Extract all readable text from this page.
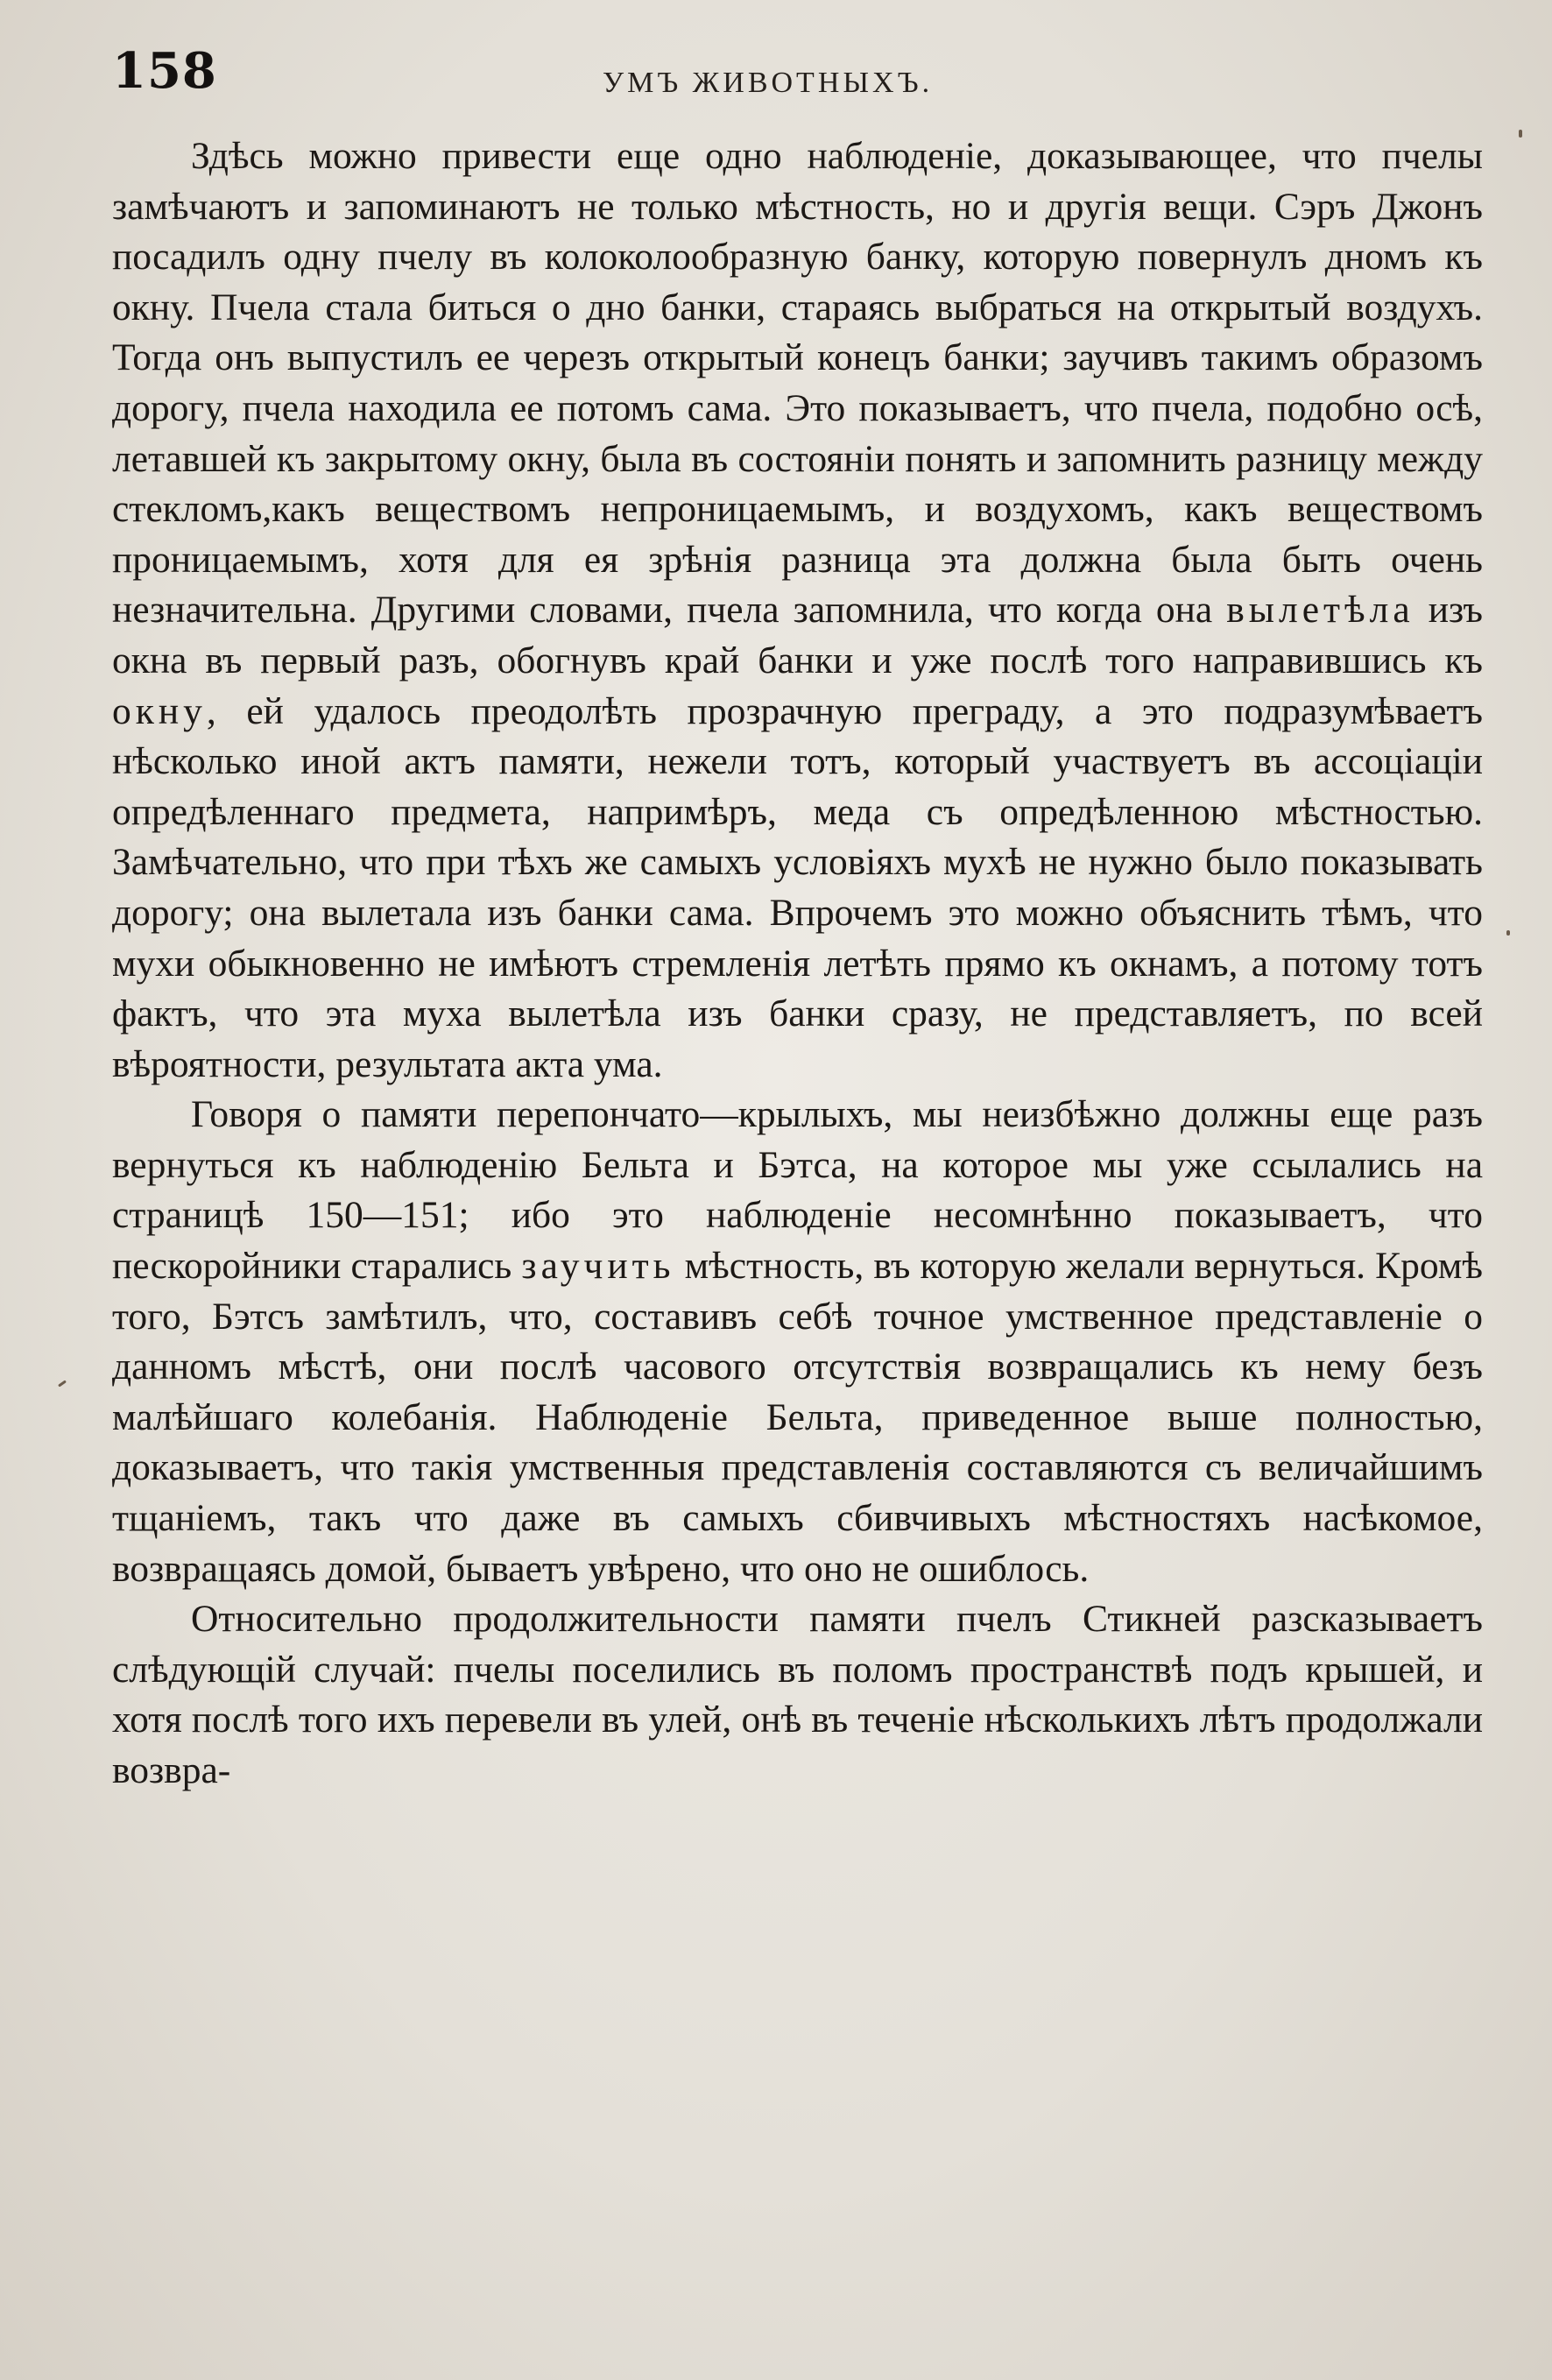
158	УМЪ ЖИВОТНЫХЪ.

Здѣсь можно привести еще одно наблюденіе, доказывающее, что пчелы замѣчаютъ и запоминаютъ не только мѣстность, но и другія вещи. Сэръ Джонъ посадилъ одну пчелу въ колоколообразную банку, которую повернулъ дномъ къ окну. Пчела стала биться о дно банки, стараясь выбраться на открытый воздухъ. Тогда онъ выпустилъ ее черезъ открытый конецъ банки; заучивъ такимъ образомъ дорогу, пчела находила ее потомъ сама. Это показываетъ, что пчела, подобно осѣ, летавшей къ закрытому окну, была въ состояніи понять и запомнить разницу между стекломъ,какъ веществомъ непроницаемымъ, и воздухомъ, какъ веществомъ проницаемымъ, хотя для ея зрѣнія разница эта должна была быть очень незначительна. Другими словами, пчела запомнила, что когда она вылетѣла изъ окна въ первый разъ, обогнувъ край банки и уже послѣ того направившись къ окну, ей удалось преодолѣть прозрачную преграду, а это подразумѣваетъ нѣсколько иной актъ памяти, нежели тотъ, который участвуетъ въ ассоціаціи опредѣленнаго предмета, напримѣръ, меда съ опредѣленною мѣстностью. Замѣчательно, что при тѣхъ же самыхъ условіяхъ мухѣ не нужно было показывать дорогу; она вылетала изъ банки сама. Впрочемъ это можно объяснить тѣмъ, что мухи обыкновенно не имѣютъ стремленія летѣть прямо къ окнамъ, а потому тотъ фактъ, что эта муха вылетѣла изъ банки сразу, не представляетъ, по всей вѣроятности, результата акта ума.

Говоря о памяти перепончато—крылыхъ, мы неизбѣжно должны еще разъ вернуться къ наблюденію Бельта и Бэтса, на которое мы уже ссылались на страницѣ 150—151; ибо это наблюденіе несомнѣнно показываетъ, что пескоройники старались заучить мѣстность, въ которую желали вернуться. Кромѣ того, Бэтсъ замѣтилъ, что, составивъ себѣ точное умственное представленіе о данномъ мѣстѣ, они послѣ часового отсутствія возвращались къ нему безъ малѣйшаго колебанія. Наблюденіе Бельта, приведенное выше полностью, доказываетъ, что такія умственныя представленія составляются съ величайшимъ тщаніемъ, такъ что даже въ самыхъ сбивчивыхъ мѣстностяхъ насѣкомое, возвращаясь домой, бываетъ увѣрено, что оно не ошиблось.

Относительно продолжительности памяти пчелъ Стикней разсказываетъ слѣдующій случай: пчелы поселились въ поломъ пространствѣ подъ крышей, и хотя послѣ того ихъ перевели въ улей, онѣ въ теченіе нѣсколькихъ лѣтъ продолжали возвра-
